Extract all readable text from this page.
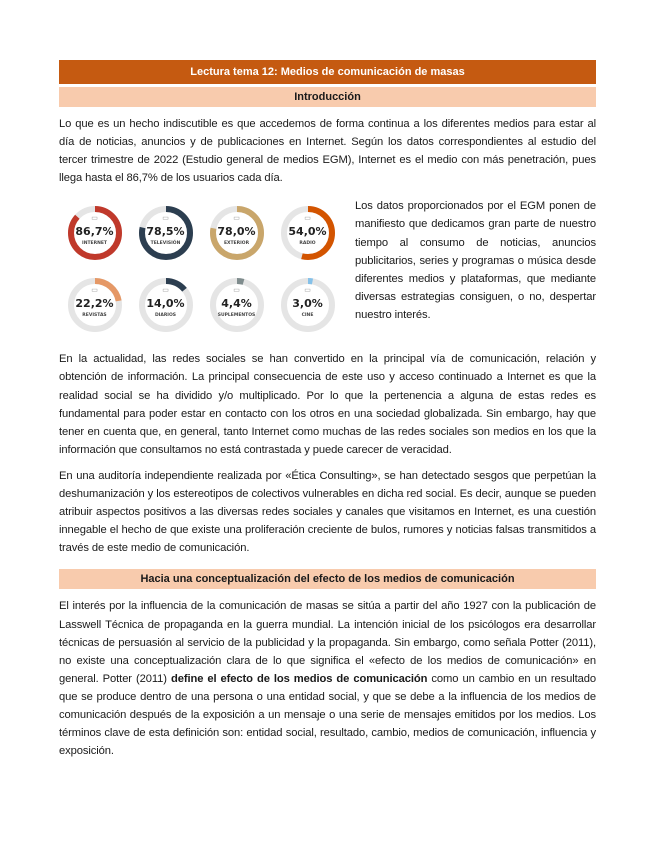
Lectura tema 12: Medios de comunicación de masas
Introducción

Lo que es un hecho indiscutible es que accedemos de forma continua a los diferentes medios para estar al día de noticias, anuncios y de publicaciones en Internet. Según los datos correspondientes al estudio del tercer trimestre de 2022 (Estudio general de medios EGM), Internet es el medio con más penetración, pues llega hasta el 86,7% de los usuarios cada día.

▭
86,7%
INTERNET
▭
78,5%
TELEVISIÓN
▭
78,0%
EXTERIOR
▭
54,0%
RADIO
▭
22,2%
REVISTAS
▭
14,0%
DIARIOS
▭
4,4%
SUPLEMENTOS
▭
3,0%
CINE

Los datos proporcionados por el EGM ponen de manifiesto que dedicamos gran parte de nuestro tiempo al consumo de noticias, anuncios publicitarios, series y programas o música desde diferentes medios y plataformas, que mediante diversas estrategias consiguen, o no, despertar nuestro interés.

En la actualidad, las redes sociales se han convertido en la principal vía de comunicación, relación y obtención de información. La principal consecuencia de este uso y acceso continuado a Internet es que la realidad social se ha dividido y/o multiplicado. Por lo que la pertenencia a alguna de estas redes es fundamental para poder estar en contacto con los otros en una sociedad globalizada. Sin embargo, hay que tener en cuenta que, en general, tanto Internet como muchas de las redes sociales son medios en los que la información que consultamos no está contrastada y puede carecer de veracidad.

En una auditoría independiente realizada por «Ética Consulting», se han detectado sesgos que perpetúan la deshumanización y los estereotipos de colectivos vulnerables en dicha red social. Es decir, aunque se pueden atribuir aspectos positivos a las diversas redes sociales y canales que visitamos en Internet, es una cuestión innegable el hecho de que existe una proliferación creciente de bulos, rumores y noticias falsas transmitidos a través de este medio de comunicación.

Hacia una conceptualización del efecto de los medios de comunicación

El interés por la influencia de la comunicación de masas se sitúa a partir del año 1927 con la publicación de Lasswell Técnica de propaganda en la guerra mundial. La intención inicial de los psicólogos era desarrollar técnicas de persuasión al servicio de la publicidad y la propaganda. Sin embargo, como señala Potter (2011), no existe una conceptualización clara de lo que significa el «efecto de los medios de comunicación» en general. Potter (2011) define el efecto de los medios de comunicación como un cambio en un resultado que se produce dentro de una persona o una entidad social, y que se debe a la influencia de los medios de comunicación después de la exposición a un mensaje o una serie de mensajes emitidos por los medios. Los términos clave de esta definición son: entidad social, resultado, cambio, medios de comunicación, influencia y exposición.
